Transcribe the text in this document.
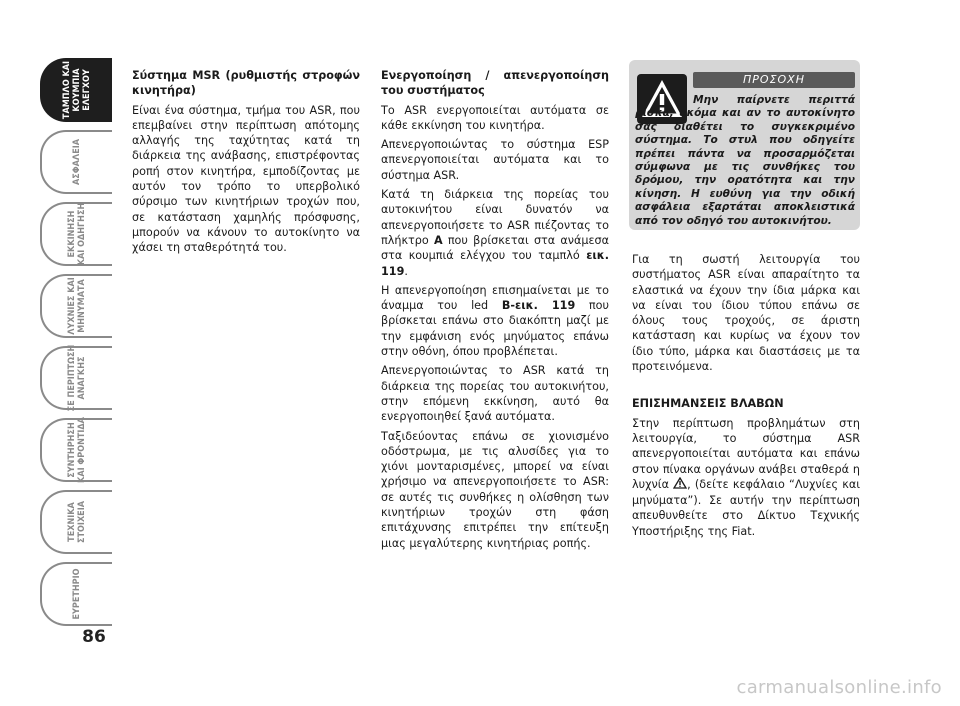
ΤΑΜΠΛΟ ΚΑΙ
ΚΟΥΜΠΙΑ
ΕΛΕΓΧΟΥ
ΑΣΦΑΛΕΙΑ
ΕΚΚΙΝΗΣΗ
ΚΑΙ ΟΔΗΓΗΣΗ
ΛΥΧΝΙΕΣ ΚΑΙ
ΜΗΝΥΜΑΤΑ
ΣΕ ΠΕΡΙΠΤΩΣΗ
ΑΝΑΓΚΗΣ
ΣΥΝΤΗΡΗΣΗ
ΚΑΙ ΦΡΟΝΤΙΔΑ
ΤΕΧΝΙΚΑ
ΣΤΟΙΧΕΙΑ
ΕΥΡΕΤΗΡΙΟ
86

Σύστημα MSR (ρυθμιστής στροφών κινητήρα)

Είναι ένα σύστημα, τμήμα του ASR, που επεμβαίνει στην περίπτωση απότομης αλλαγής της ταχύτητας κατά τη διάρκεια της ανάβασης, επιστρέφοντας ροπή στον κινητήρα, εμποδίζοντας με αυτόν τον τρόπο το υπερβολικό σύρσιμο των κινητήριων τροχών που, σε κατάσταση χαμηλής πρόσφυσης, μπορούν να κάνουν το αυτοκίνητο να χάσει τη σταθερότητά του.

Ενεργοποίηση / απενεργοποίηση του συστήματος

Το ASR ενεργοποιείται αυτόματα σε κάθε εκκίνηση του κινητήρα.

Απενεργοποιώντας το σύστημα ESP απενεργοποιείται αυτόματα και το σύστημα ASR.

Κατά τη διάρκεια της πορείας του αυτοκινήτου είναι δυνατόν να απενεργοποιήσετε το ASR πιέζοντας το πλήκτρο A που βρίσκεται στα ανάμεσα στα κουμπιά ελέγχου του ταμπλό εικ. 119.

Η απενεργοποίηση επισημαίνεται με το άναμμα του led B-εικ. 119 που βρίσκεται επάνω στο διακόπτη μαζί με την εμφάνιση ενός μηνύματος επάνω στην οθόνη, όπου προβλέπεται.

Απενεργοποιώντας το ASR κατά τη διάρκεια της πορείας του αυτοκινήτου, στην επόμενη εκκίνηση, αυτό θα ενεργοποιηθεί ξανά αυτόματα.

Ταξιδεύοντας επάνω σε χιονισμένο οδόστρωμα, με τις αλυσίδες για το χιόνι μονταρισμένες, μπορεί να είναι χρήσιμο να απενεργοποιήσετε το ASR: σε αυτές τις συνθήκες η ολίσθηση των κινητήριων τροχών στη φάση επιτάχυνσης επιτρέπει την επίτευξη μιας μεγαλύτερης κινητήριας ροπής.

ΠΡΟΣΟΧΗ
Μην παίρνετε περιττά ρίσκα, ακόμα και αν το αυτοκίνητο σας διαθέτει το συγκεκριμένο σύστημα. Το στυλ που οδηγείτε πρέπει πάντα να προσαρμόζεται σύμφωνα με τις συνθήκες του δρόμου, την ορατότητα και την κίνηση. Η ευθύνη για την οδική ασφάλεια εξαρτάται αποκλειστικά από τον οδηγό του αυτοκινήτου.

Για τη σωστή λειτουργία του συστήματος ASR είναι απαραίτητο τα ελαστικά να έχουν την ίδια μάρκα και να είναι του ίδιου τύπου επάνω σε όλους τους τροχούς, σε άριστη κατάσταση και κυρίως να έχουν τον ίδιο τύπο, μάρκα και διαστάσεις με τα προτεινόμενα.

ΕΠΙΣΗΜΑΝΣΕΙΣ ΒΛΑΒΩΝ

Στην περίπτωση προβλημάτων στη λειτουργία, το σύστημα ASR απενεργοποιείται αυτόματα και επάνω στον πίνακα οργάνων ανάβει σταθερά η λυχνία , (δείτε κεφάλαιο “Λυχνίες και μηνύματα”). Σε αυτήν την περίπτωση απευθυνθείτε στο Δίκτυο Τεχνικής Υποστήριξης της Fiat.

carmanualsonline.info
